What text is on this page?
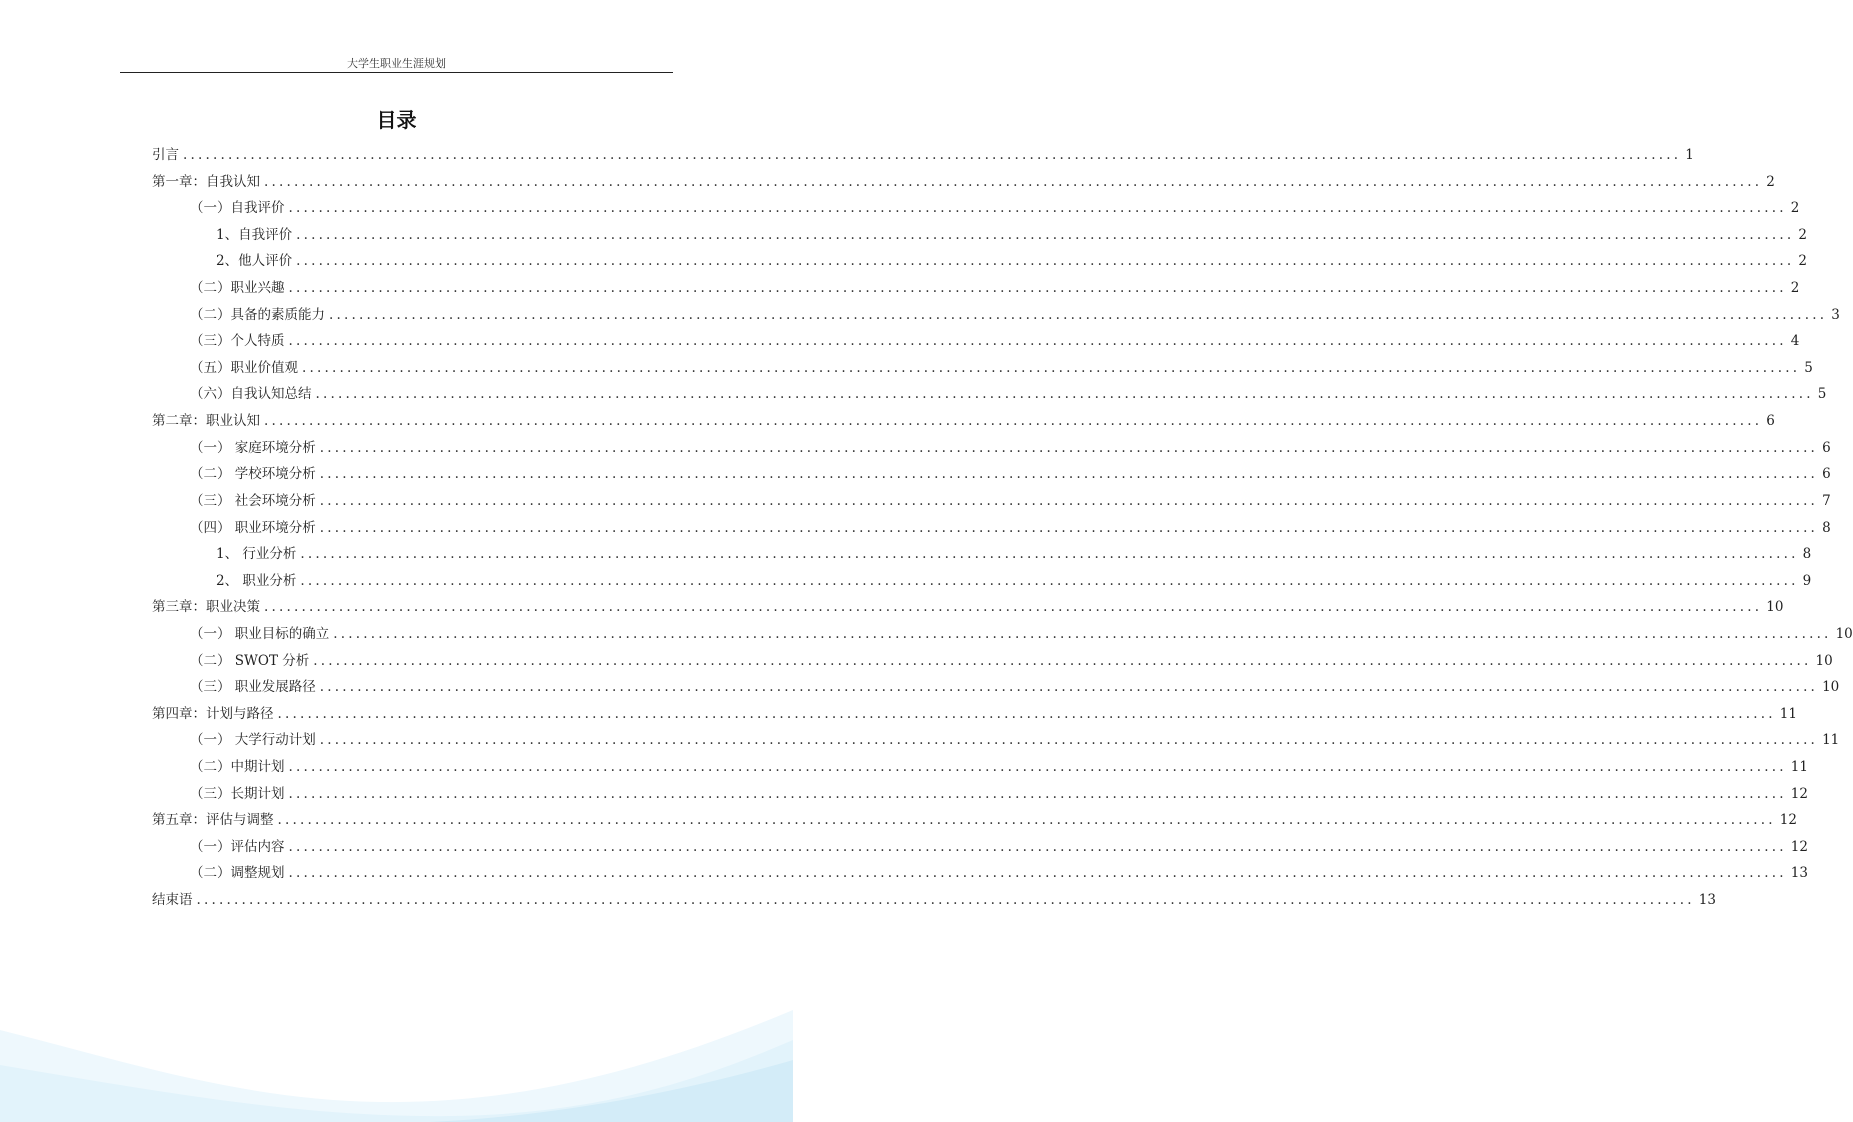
大学生职业生涯规划
目录
引言 ........................................................................................................................................................................................................ 1
第一章：自我认知 ........................................................................................................................................................................................................ 2
（一）自我评价 ........................................................................................................................................................................................................ 2
1、自我评价 ........................................................................................................................................................................................................ 2
2、他人评价 ........................................................................................................................................................................................................ 2
（二）职业兴趣 ........................................................................................................................................................................................................ 2
（二）具备的素质能力 ........................................................................................................................................................................................................ 3
（三）个人特质 ........................................................................................................................................................................................................ 4
（五）职业价值观 ........................................................................................................................................................................................................ 5
（六）自我认知总结 ........................................................................................................................................................................................................ 5
第二章：职业认知 ........................................................................................................................................................................................................ 6
（一） 家庭环境分析 ........................................................................................................................................................................................................ 6
（二） 学校环境分析 ........................................................................................................................................................................................................ 6
（三） 社会环境分析 ........................................................................................................................................................................................................ 7
（四） 职业环境分析 ........................................................................................................................................................................................................ 8
1、 行业分析 ........................................................................................................................................................................................................ 8
2、 职业分析 ........................................................................................................................................................................................................ 9
第三章：职业决策 ........................................................................................................................................................................................................ 10
（一） 职业目标的确立 ........................................................................................................................................................................................................ 10
（二） SWOT 分析 ........................................................................................................................................................................................................ 10
（三） 职业发展路径 ........................................................................................................................................................................................................ 10
第四章：计划与路径 ........................................................................................................................................................................................................ 11
（一） 大学行动计划 ........................................................................................................................................................................................................ 11
（二）中期计划 ........................................................................................................................................................................................................ 11
（三）长期计划 ........................................................................................................................................................................................................ 12
第五章：评估与调整 ........................................................................................................................................................................................................ 12
（一）评估内容 ........................................................................................................................................................................................................ 12
（二）调整规划 ........................................................................................................................................................................................................ 13
结束语 ........................................................................................................................................................................................................ 13
